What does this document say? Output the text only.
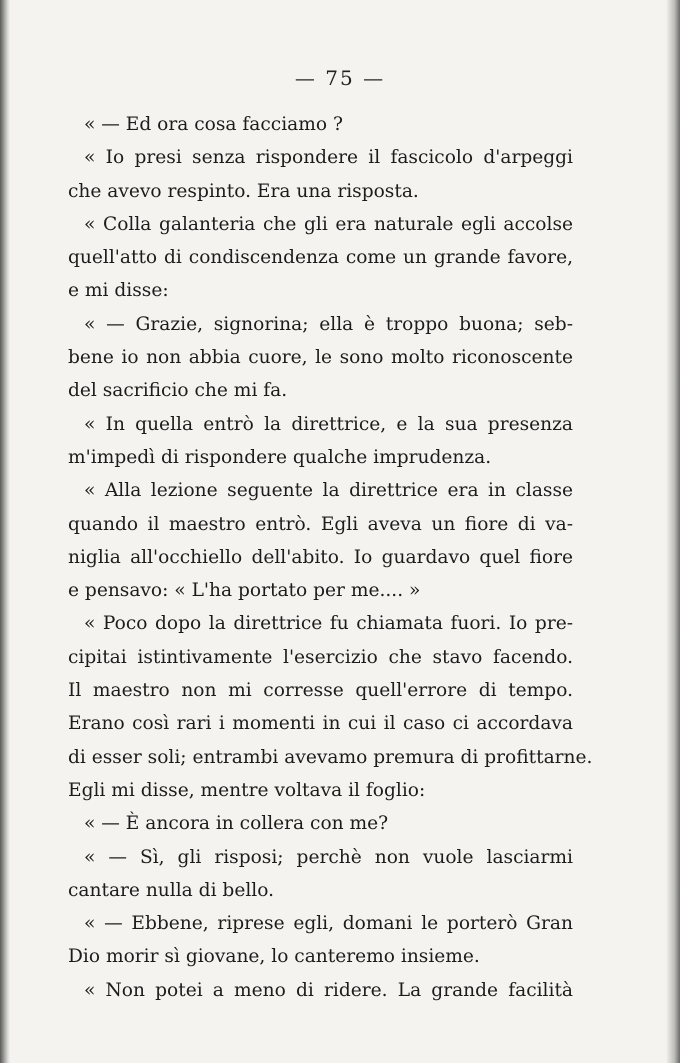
— 75 —
« — Ed ora cosa facciamo ?
« Io presi senza rispondere il fascicolo d'arpeggi
che avevo respinto. Era una risposta.
« Colla galanteria che gli era naturale egli accolse
quell'atto di condiscendenza come un grande favore,
e mi disse:
« — Grazie, signorina; ella è troppo buona; seb-
bene io non abbia cuore, le sono molto riconoscente
del sacrificio che mi fa.
« In quella entrò la direttrice, e la sua presenza
m'impedì di rispondere qualche imprudenza.
« Alla lezione seguente la direttrice era in classe
quando il maestro entrò. Egli aveva un fiore di va-
niglia all'occhiello dell'abito. Io guardavo quel fiore
e pensavo: « L'ha portato per me.... »
« Poco dopo la direttrice fu chiamata fuori. Io pre-
cipitai istintivamente l'esercizio che stavo facendo.
Il maestro non mi corresse quell'errore di tempo.
Erano così rari i momenti in cui il caso ci accordava
di esser soli; entrambi avevamo premura di profittarne.
Egli mi disse, mentre voltava il foglio:
« — È ancora in collera con me?
« — Sì, gli risposi; perchè non vuole lasciarmi
cantare nulla di bello.
« — Ebbene, riprese egli, domani le porterò Gran
Dio morir sì giovane, lo canteremo insieme.
« Non potei a meno di ridere. La grande facilità
